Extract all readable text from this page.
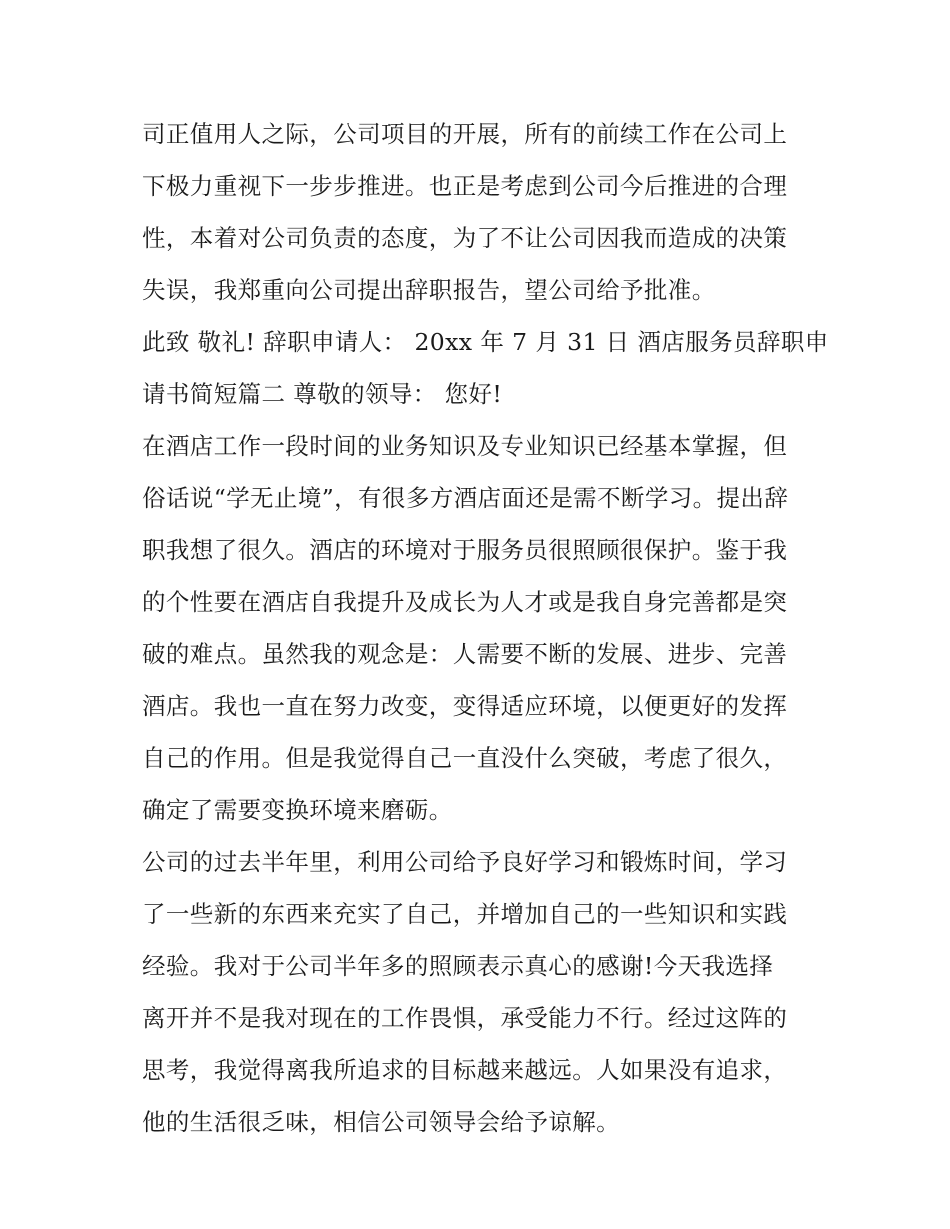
司正值用人之际，公司项目的开展，所有的前续工作在公司上
下极力重视下一步步推进。也正是考虑到公司今后推进的合理
性，本着对公司负责的态度，为了不让公司因我而造成的决策
失误，我郑重向公司提出辞职报告，望公司给予批准。
此致 敬礼! 辞职申请人： 20xx 年 7 月 31 日 酒店服务员辞职申
请书简短篇二 尊敬的领导： 您好!
在酒店工作一段时间的业务知识及专业知识已经基本掌握，但
俗话说“学无止境”，有很多方酒店面还是需不断学习。提出辞
职我想了很久。酒店的环境对于服务员很照顾很保护。鉴于我
的个性要在酒店自我提升及成长为人才或是我自身完善都是突
破的难点。虽然我的观念是：人需要不断的发展、进步、完善
酒店。我也一直在努力改变，变得适应环境，以便更好的发挥
自己的作用。但是我觉得自己一直没什么突破，考虑了很久，
确定了需要变换环境来磨砺。
公司的过去半年里，利用公司给予良好学习和锻炼时间，学习
了一些新的东西来充实了自己，并增加自己的一些知识和实践
经验。我对于公司半年多的照顾表示真心的感谢!今天我选择
离开并不是我对现在的工作畏惧，承受能力不行。经过这阵的
思考，我觉得离我所追求的目标越来越远。人如果没有追求，
他的生活很乏味，相信公司领导会给予谅解。
